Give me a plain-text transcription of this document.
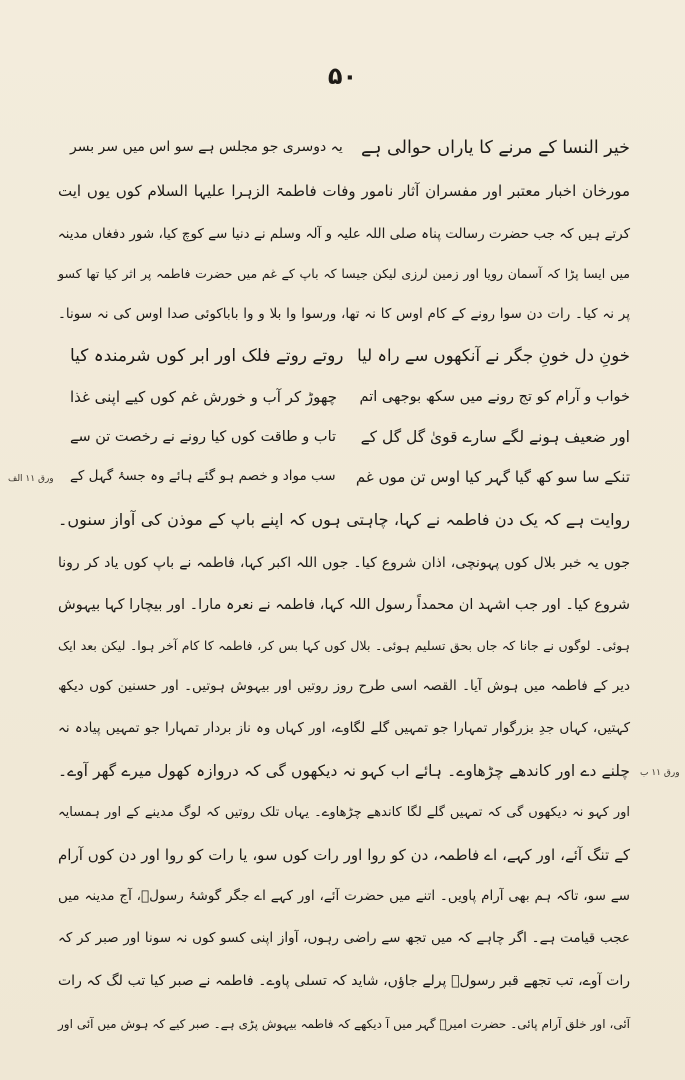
۵۰
یہ دوسری جو مجلس ہے سو اس میں سر بسر خیر النسا کے مرنے کا یاراں حوالی ہے
مورخان اخبار معتبر اور مفسران آثار نامور وفات فاطمۃ الزہرا علیہا السلام کوں یوں ایت
کرتے ہیں کہ جب حضرت رسالت پناہ صلی اللہ علیہ و آلہ وسلم نے دنیا سے کوچ کیا، شور دفغاں مدینہ
میں ایسا پڑا کہ آسمان رویا اور زمین لرزی لیکن جیسا کہ باپ کے غم میں حضرت فاطمہ پر اثر کیا تھا کسو
پر نہ کیا۔ رات دن سوا رونے کے کام اوس کا نہ تھا، ورسوا وا بلا و وا باباکوئی صدا اوس کی نہ سونا۔
روتے روتے فلک اور ابر کوں شرمندہ کیا خونِ دل خونِ جگر نے آنکھوں سے راہ لیا
چھوڑ کر آب و خورش غم کوں کیے اپنی غذا خواب و آرام کو تج رونے میں سکھ بوجھی اتم
تاب و طاقت کوں کیا رونے نے رخصت تن سے اور ضعیف ہونے لگے سارے قویٰ گل گل کے
سب مواد و خصم ہو گئے ہائے وہ جسۂ گہل کے تنکے سا سو کھ گیا گہر کیا اوس تن موں غم
ورق ۱۱ الف
روایت ہے کہ یک دن فاطمہ نے کہا، چاہتی ہوں کہ اپنے باپ کے موذن کی آواز سنوں۔
جوں یہ خبر بلال کوں پہونچی، اذان شروع کیا۔ جوں اللہ اکبر کہا، فاطمہ نے باپ کوں یاد کر رونا
شروع کیا۔ اور جب اشہد ان محمداً رسول اللہ کہا، فاطمہ نے نعرہ مارا۔ اور بیچارا کہا بیہوش
ہوئی۔ لوگوں نے جانا کہ جاں بحق تسلیم ہوئی۔ بلال کوں کہا بس کر، فاطمہ کا کام آخر ہوا۔ لیکن بعد ایک
دیر کے فاطمہ میں ہوش آیا۔ القصہ اسی طرح روز روتیں اور بیہوش ہوتیں۔ اور حسنین کوں دیکھ
کہتیں، کہاں جدِ بزرگوار تمہارا جو تمہیں گلے لگاوے، اور کہاں وہ ناز بردار تمہارا جو تمہیں پیادہ نہ
چلنے دے اور کاندھے چڑھاوے۔ ہائے اب کہو نہ دیکھوں گی کہ دروازہ کھول میرے گھر آوے۔ ورق ۱۱ ب
اور کہو نہ دیکھوں گی کہ تمہیں گلے لگا کاندھے چڑھاوے۔ یہاں تلک روتیں کہ لوگ مدینے کے اور ہمسایہ
کے تنگ آئے، اور کہے، اے فاطمہ، دن کو روا اور رات کوں سو، یا رات کو روا اور دن کوں آرام
سے سو، تاکہ ہم بھی آرام پاویں۔ اتنے میں حضرت آئے، اور کہے اے جگر گوشۂ رسولؐ، آج مدینہ میں
عجب قیامت ہے۔ اگر چاہے کہ میں تجھ سے راضی رہوں، آواز اپنی کسو کوں نہ سونا اور صبر کر کہ
رات آوے، تب تجھے قبر رسولؐ پرلے جاؤں، شاید کہ تسلی پاوے۔ فاطمہ نے صبر کیا تب لگ کہ رات
آئی، اور خلق آرام پائی۔ حضرت امیرؑ گہر میں آ دیکھے کہ فاطمہ بیہوش پڑی ہے۔ صبر کیے کہ ہوش میں آئی اور
